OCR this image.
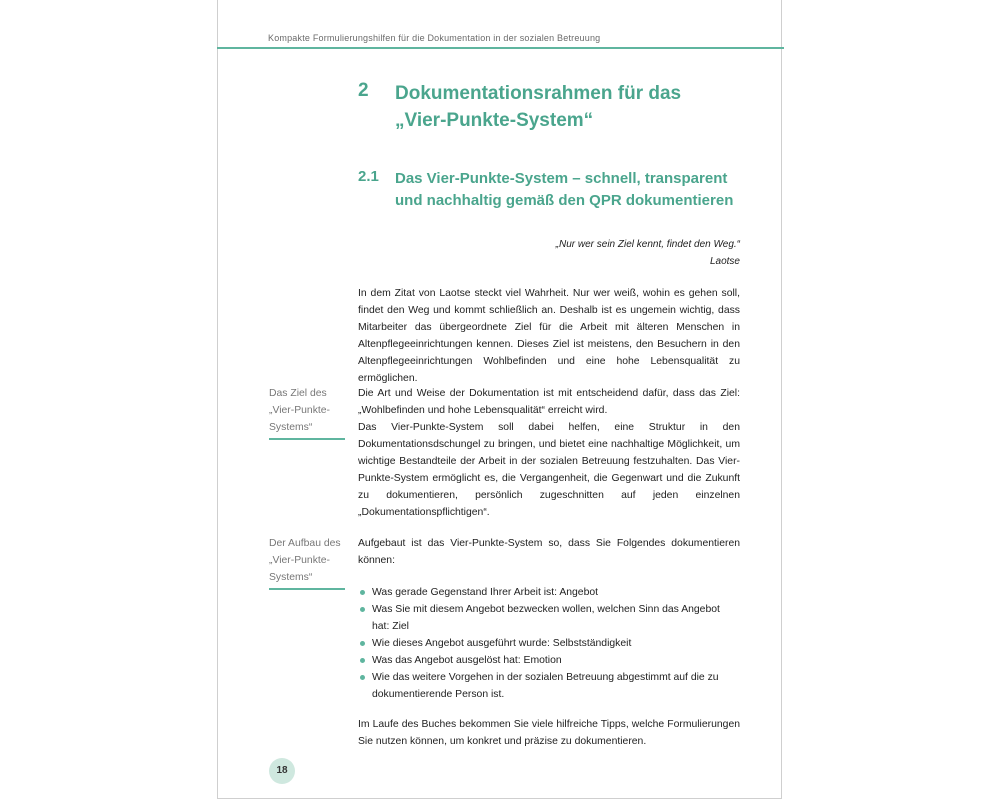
Kompakte Formulierungshilfen für die Dokumentation in der sozialen Betreuung
2 Dokumentationsrahmen für das „Vier-Punkte-System“
2.1 Das Vier-Punkte-System – schnell, transparent und nachhaltig gemäß den QPR dokumentieren
„Nur wer sein Ziel kennt, findet den Weg.“
Laotse
In dem Zitat von Laotse steckt viel Wahrheit. Nur wer weiß, wohin es gehen soll, findet den Weg und kommt schließlich an. Deshalb ist es ungemein wichtig, dass Mitarbeiter das übergeordnete Ziel für die Arbeit mit älteren Menschen in Altenpflegeeinrichtungen kennen. Dieses Ziel ist meistens, den Besuchern in den Altenpflegeeinrichtungen Wohlbefinden und eine hohe Lebensqualität zu ermöglichen.
Das Ziel des „Vier-Punkte-Systems“
Die Art und Weise der Dokumentation ist mit entscheidend dafür, dass das Ziel: „Wohlbefinden und hohe Lebensqualität“ erreicht wird.
Das Vier-Punkte-System soll dabei helfen, eine Struktur in den Dokumentationsdschungel zu bringen, und bietet eine nachhaltige Möglichkeit, um wichtige Bestandteile der Arbeit in der sozialen Betreuung festzuhalten. Das Vier-Punkte-System ermöglicht es, die Vergangenheit, die Gegenwart und die Zukunft zu dokumentieren, persönlich zugeschnitten auf jeden einzelnen „Dokumentationspflichtigen“.
Der Aufbau des „Vier-Punkte-Systems“
Aufgebaut ist das Vier-Punkte-System so, dass Sie Folgendes dokumentieren können:
Was gerade Gegenstand Ihrer Arbeit ist: Angebot
Was Sie mit diesem Angebot bezwecken wollen, welchen Sinn das Angebot hat: Ziel
Wie dieses Angebot ausgeführt wurde: Selbstständigkeit
Was das Angebot ausgelöst hat: Emotion
Wie das weitere Vorgehen in der sozialen Betreuung abgestimmt auf die zu dokumentierende Person ist.
Im Laufe des Buches bekommen Sie viele hilfreiche Tipps, welche Formulierungen Sie nutzen können, um konkret und präzise zu dokumentieren.
18
